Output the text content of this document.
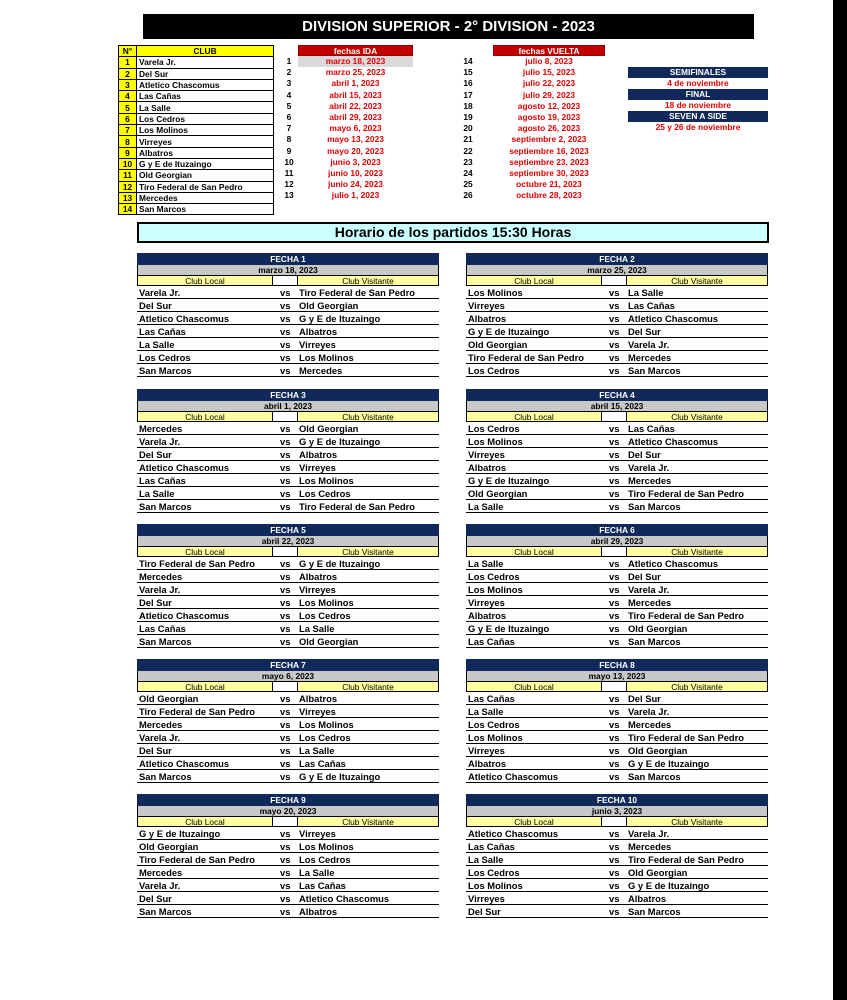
DIVISION SUPERIOR - 2° DIVISION - 2023
N°	CLUB
1	Varela Jr.
2	Del Sur
3	Atletico Chascomus
4	Las Cañas
5	La Salle
6	Los Cedros
7	Los Molinos
8	Virreyes
9	Albatros
10	G y E de Ituzaingo
11	Old Georgian
12	Tiro Federal de San Pedro
13	Mercedes
14	San Marcos
fechas IDA
1	marzo 18, 2023
2	marzo 25, 2023
3	abril 1, 2023
4	abril 15, 2023
5	abril 22, 2023
6	abril 29, 2023
7	mayo 6, 2023
8	mayo 13, 2023
9	mayo 20, 2023
10	junio 3, 2023
11	junio 10, 2023
12	junio 24, 2023
13	julio 1, 2023
fechas VUELTA
14	julio 8, 2023
15	julio 15, 2023
16	julio 22, 2023
17	julio 29, 2023
18	agosto 12, 2023
19	agosto 19, 2023
20	agosto 26, 2023
21	septiembre 2, 2023
22	septiembre 16, 2023
23	septiembre 23, 2023
24	septiembre 30, 2023
25	octubre 21, 2023
26	octubre 28, 2023
SEMIFINALES
4 de noviembre
FINAL
18 de noviembre
SEVEN A SIDE
25 y 26 de noviembre
Horario de los partidos 15:30 Horas
FECHA 1
marzo 18, 2023
Club Local	Club Visitante
Varela Jr.	vs Tiro Federal de San Pedro
Del Sur	vs Old Georgian
Atletico Chascomus	vs G y E de Ituzaingo
Las Cañas	vs Albatros
La Salle	vs Virreyes
Los Cedros	vs Los Molinos
San Marcos	vs Mercedes
FECHA 2
marzo 25, 2023
Club Local	Club Visitante
Los Molinos	vs La Salle
Virreyes	vs Las Cañas
Albatros	vs Atletico Chascomus
G y E de Ituzaingo	vs Del Sur
Old Georgian	vs Varela Jr.
Tiro Federal de San Pedro	vs Mercedes
Los Cedros	vs San Marcos
FECHA 3
abril 1, 2023
Club Local	Club Visitante
Mercedes	vs Old Georgian
Varela Jr.	vs G y E de Ituzaingo
Del Sur	vs Albatros
Atletico Chascomus	vs Virreyes
Las Cañas	vs Los Molinos
La Salle	vs Los Cedros
San Marcos	vs Tiro Federal de San Pedro
FECHA 4
abril 15, 2023
Club Local	Club Visitante
Los Cedros	vs Las Cañas
Los Molinos	vs Atletico Chascomus
Virreyes	vs Del Sur
Albatros	vs Varela Jr.
G y E de Ituzaingo	vs Mercedes
Old Georgian	vs Tiro Federal de San Pedro
La Salle	vs San Marcos
FECHA 5
abril 22, 2023
Club Local	Club Visitante
Tiro Federal de San Pedro	vs G y E de Ituzaingo
Mercedes	vs Albatros
Varela Jr.	vs Virreyes
Del Sur	vs Los Molinos
Atletico Chascomus	vs Los Cedros
Las Cañas	vs La Salle
San Marcos	vs Old Georgian
FECHA 6
abril 29, 2023
Club Local	Club Visitante
La Salle	vs Atletico Chascomus
Los Cedros	vs Del Sur
Los Molinos	vs Varela Jr.
Virreyes	vs Mercedes
Albatros	vs Tiro Federal de San Pedro
G y E de Ituzaingo	vs Old Georgian
Las Cañas	vs San Marcos
FECHA 7
mayo 6, 2023
Club Local	Club Visitante
Old Georgian	vs Albatros
Tiro Federal de San Pedro	vs Virreyes
Mercedes	vs Los Molinos
Varela Jr.	vs Los Cedros
Del Sur	vs La Salle
Atletico Chascomus	vs Las Cañas
San Marcos	vs G y E de Ituzaingo
FECHA 8
mayo 13, 2023
Club Local	Club Visitante
Las Cañas	vs Del Sur
La Salle	vs Varela Jr.
Los Cedros	vs Mercedes
Los Molinos	vs Tiro Federal de San Pedro
Virreyes	vs Old Georgian
Albatros	vs G y E de Ituzaingo
Atletico Chascomus	vs San Marcos
FECHA 9
mayo 20, 2023
Club Local	Club Visitante
G y E de Ituzaingo	vs Virreyes
Old Georgian	vs Los Molinos
Tiro Federal de San Pedro	vs Los Cedros
Mercedes	vs La Salle
Varela Jr.	vs Las Cañas
Del Sur	vs Atletico Chascomus
San Marcos	vs Albatros
FECHA 10
junio 3, 2023
Club Local	Club Visitante
Atletico Chascomus	vs Varela Jr.
Las Cañas	vs Mercedes
La Salle	vs Tiro Federal de San Pedro
Los Cedros	vs Old Georgian
Los Molinos	vs G y E de Ituzaingo
Virreyes	vs Albatros
Del Sur	vs San Marcos
